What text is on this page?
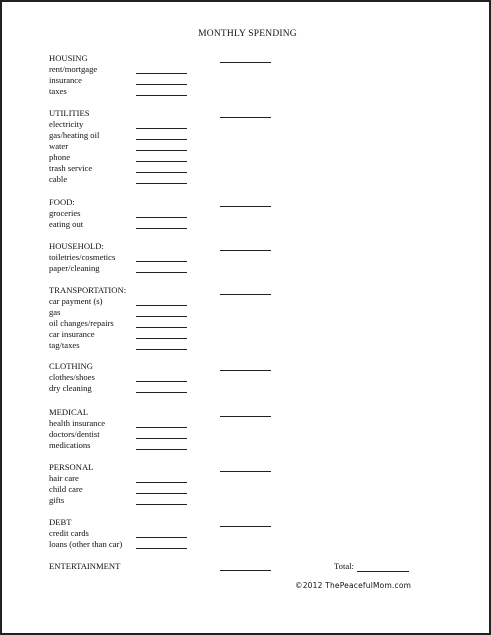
MONTHLY SPENDING
HOUSING
rent/mortgage
insurance
taxes
UTILITIES
electricity
gas/heating oil
water
phone
trash service
cable
FOOD:
groceries
eating out
HOUSEHOLD:
toiletries/cosmetics
paper/cleaning
TRANSPORTATION:
car payment (s)
gas
oil changes/repairs
car insurance
tag/taxes
CLOTHING
clothes/shoes
dry cleaning
MEDICAL
health insurance
doctors/dentist
medications
PERSONAL
hair care
child care
gifts
DEBT
credit cards
loans (other than car)
ENTERTAINMENT	Total:
©2012 ThePeacefulMom.com
